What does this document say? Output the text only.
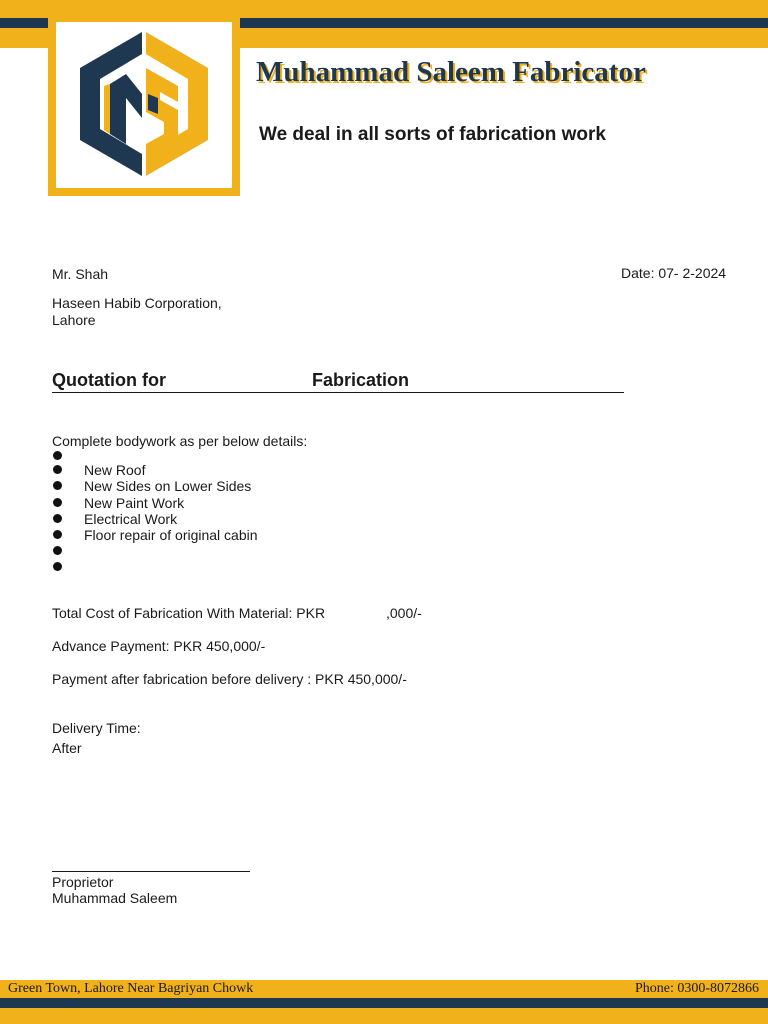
Muhammad Saleem Fabricator
We deal in all sorts of fabrication work
Mr. Shah	Date: 07- 2-2024
Haseen Habib Corporation,
Lahore
Quotation for	Fabrication
Complete bodywork as per below details:
New Roof
New Sides on Lower Sides
New Paint Work
Electrical Work
Floor repair of original cabin
Total Cost of Fabrication With Material: PKR	,000/-
Advance Payment: PKR 450,000/-
Payment after fabrication before delivery : PKR 450,000/-
Delivery Time:
After
Proprietor
Muhammad Saleem
Green Town, Lahore Near Bagriyan Chowk	Phone: 0300-8072866
